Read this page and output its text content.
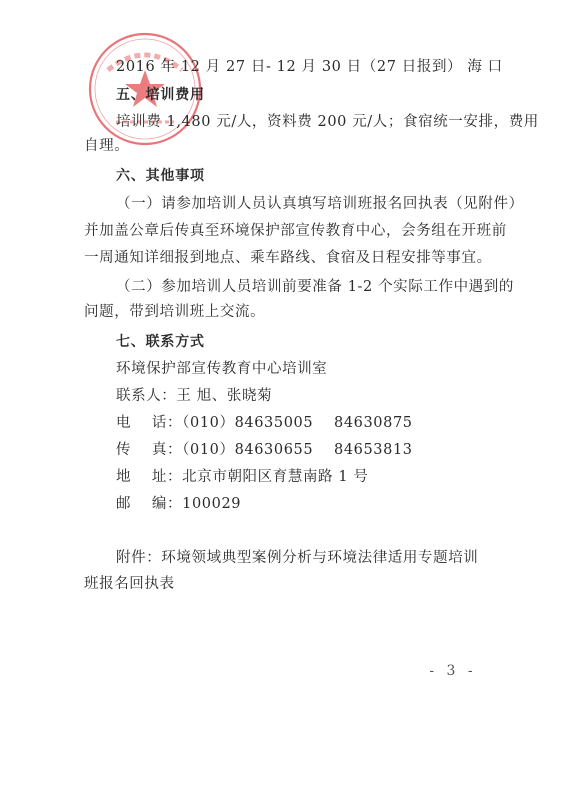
2016 年 12 月 27 日- 12 月 30 日（27 日报到） 海 口
五、培训费用
培训费 1,480 元/人，资料费 200 元/人；食宿统一安排，费用
自理。
六、其他事项
（一）请参加培训人员认真填写培训班报名回执表（见附件）
并加盖公章后传真至环境保护部宣传教育中心，会务组在开班前
一周通知详细报到地点、乘车路线、食宿及日程安排等事宜。
（二）参加培训人员培训前要准备 1-2 个实际工作中遇到的
问题，带到培训班上交流。
七、联系方式
环境保护部宣传教育中心培训室
联系人：王 旭、张晓菊
电    话：（010）84635005    84630875
传    真：（010）84630655    84653813
地    址：北京市朝阳区育慧南路 1 号
邮    编：100029
附件：环境领域典型案例分析与环境法律适用专题培训
班报名回执表
- 3 -
